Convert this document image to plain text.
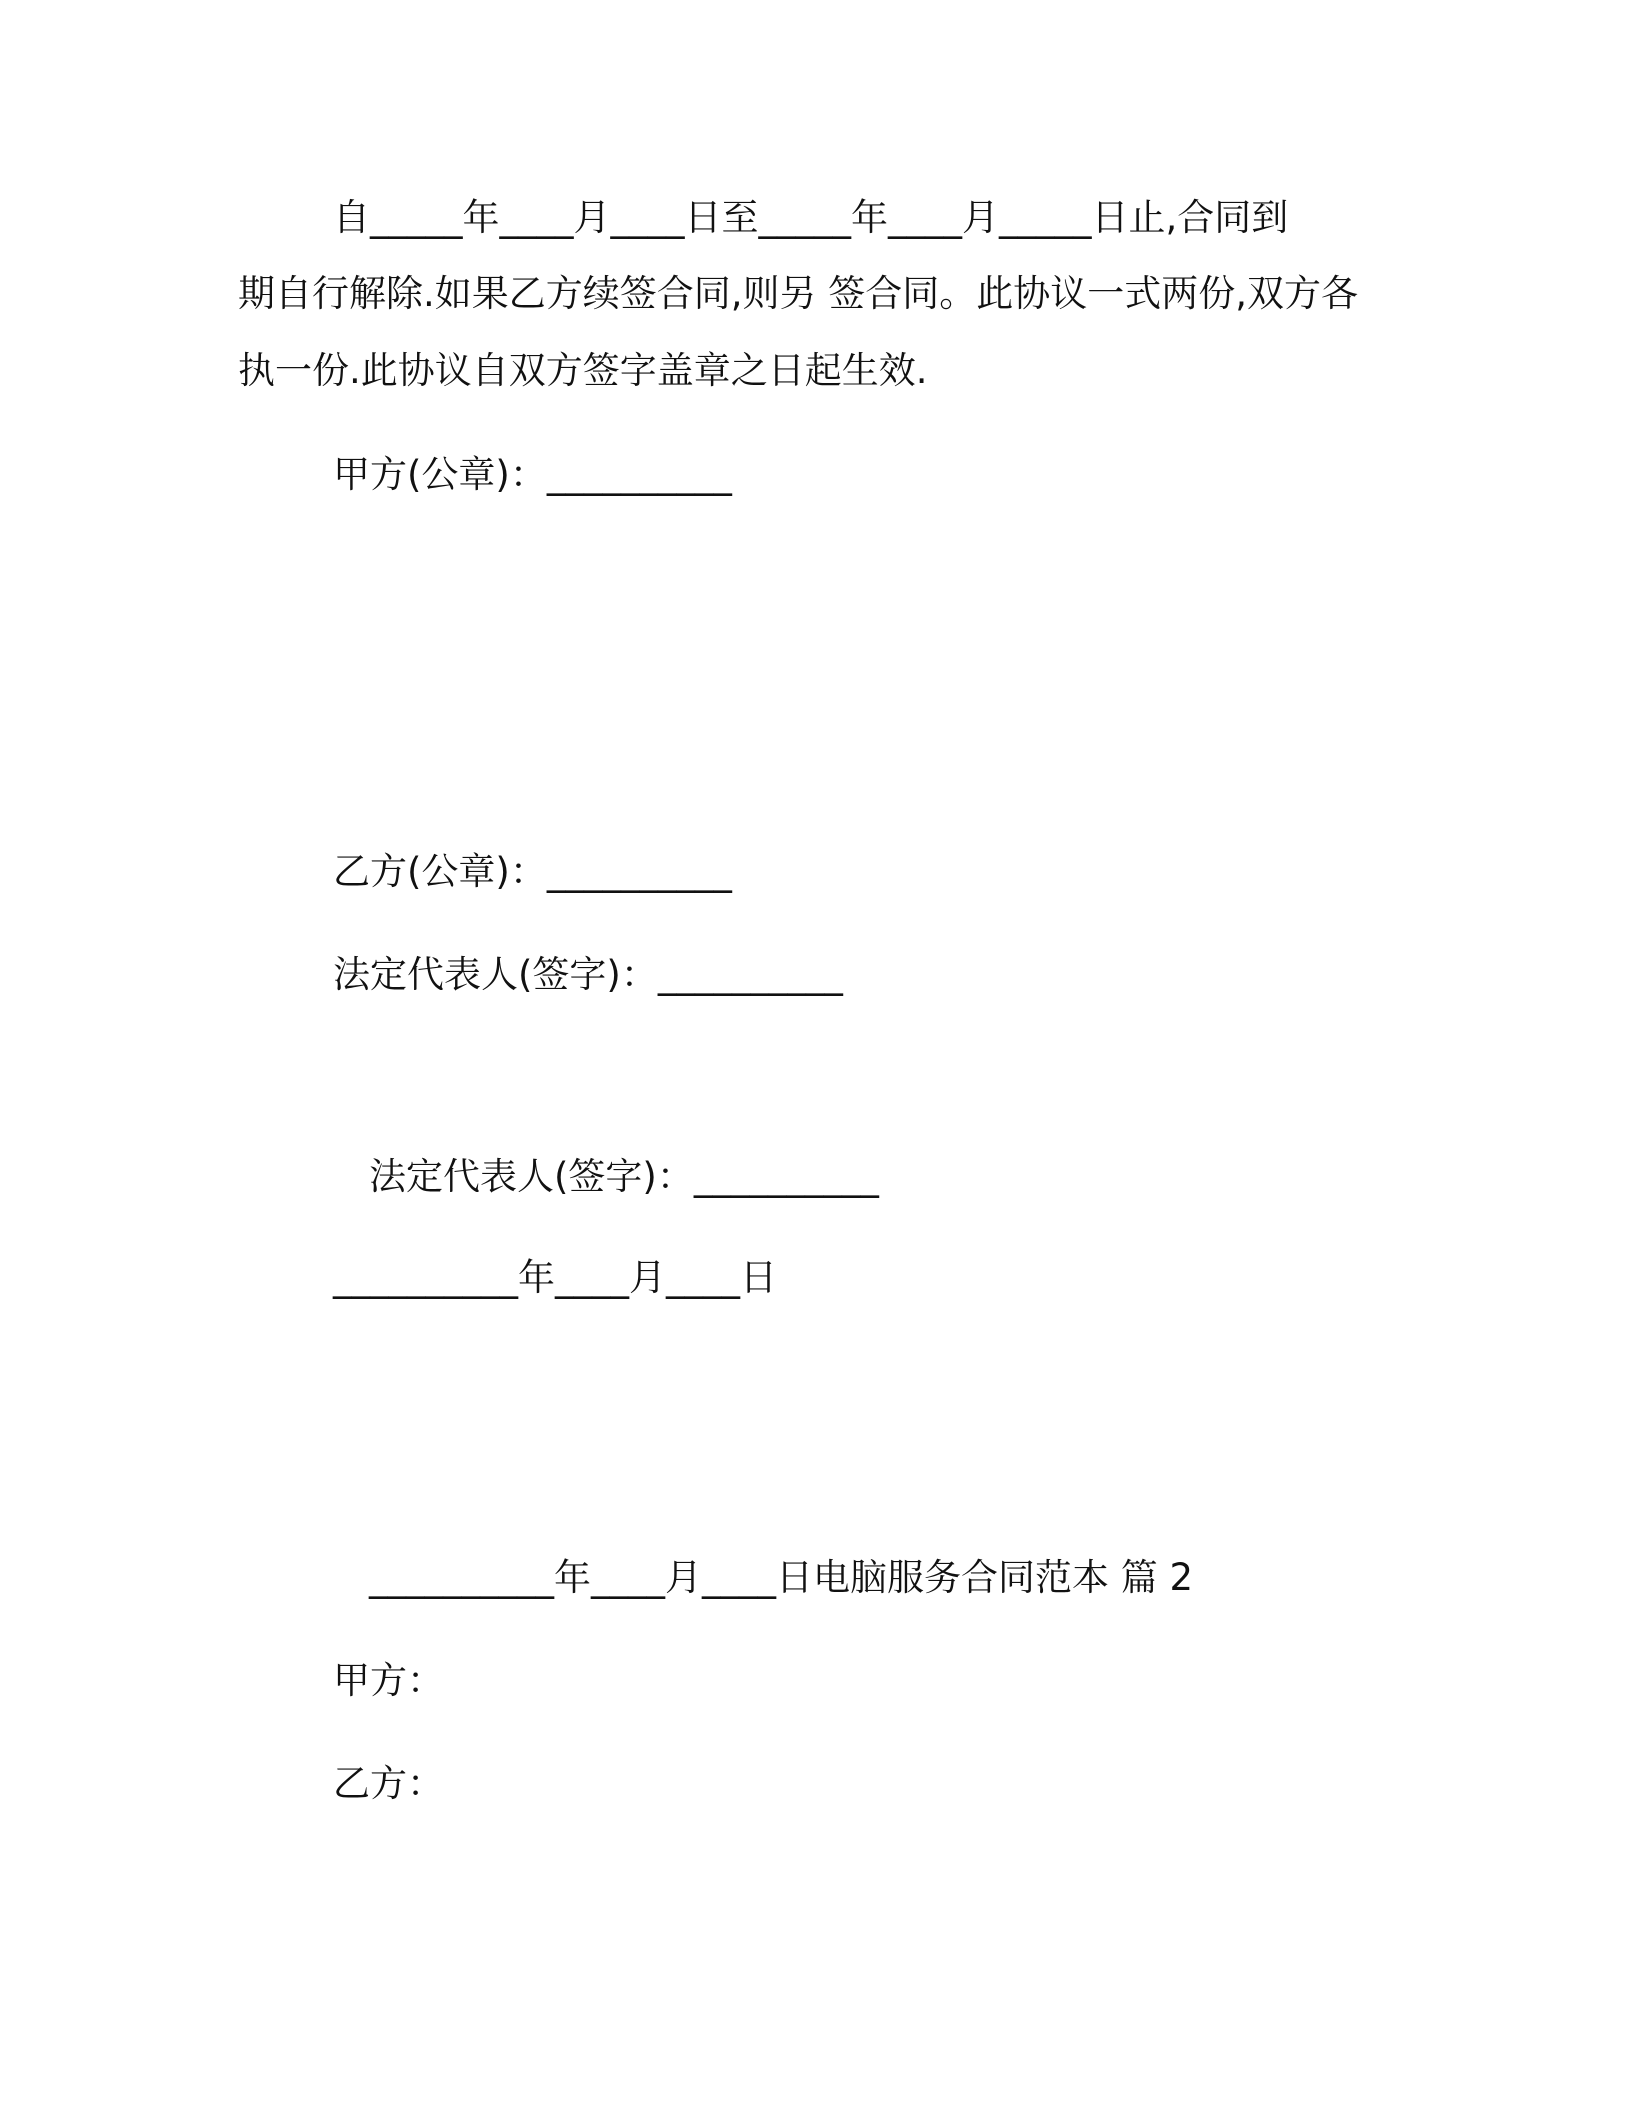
自_____年____月____日至_____年____月_____日止,合同到
期自行解除.如果乙方续签合同,则另 签合同。此协议一式两份,双方各
执一份.此协议自双方签字盖章之日起生效.
甲方(公章)：__________
乙方(公章)：__________
法定代表人(签字)：__________
法定代表人(签字)：__________
__________年____月____日
__________年____月____日电脑服务合同范本 篇 2
甲方：
乙方：
